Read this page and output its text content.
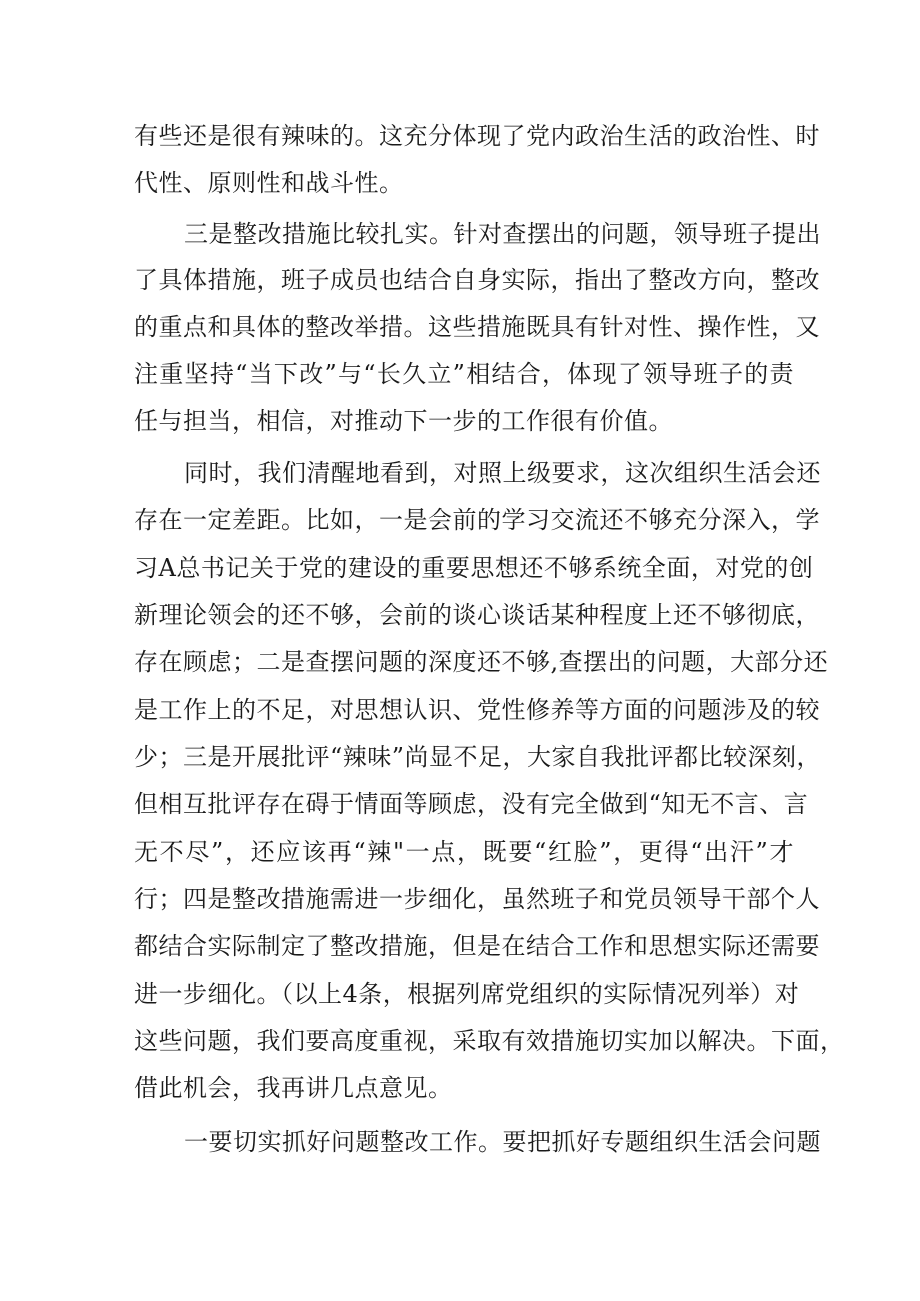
有些还是很有辣味的。这充分体现了党内政治生活的政治性、时

代性、原则性和战斗性。

三是整改措施比较扎实。针对查摆出的问题，领导班子提出

了具体措施，班子成员也结合自身实际，指出了整改方向，整改

的重点和具体的整改举措。这些措施既具有针对性、操作性，又

注重坚持“当下改”与“长久立”相结合，体现了领导班子的责

任与担当，相信，对推动下一步的工作很有价值。

同时，我们清醒地看到，对照上级要求，这次组织生活会还

存在一定差距。比如，一是会前的学习交流还不够充分深入，学

习A总书记关于党的建设的重要思想还不够系统全面，对党的创

新理论领会的还不够，会前的谈心谈话某种程度上还不够彻底，

存在顾虑；二是查摆问题的深度还不够,查摆出的问题，大部分还

是工作上的不足，对思想认识、党性修养等方面的问题涉及的较

少；三是开展批评“辣味”尚显不足，大家自我批评都比较深刻，

但相互批评存在碍于情面等顾虑，没有完全做到“知无不言、言

无不尽”，还应该再“辣"一点，既要“红脸”，更得“出汗”才

行；四是整改措施需进一步细化，虽然班子和党员领导干部个人

都结合实际制定了整改措施，但是在结合工作和思想实际还需要

进一步细化。（以上4条，根据列席党组织的实际情况列举）对

这些问题，我们要高度重视，采取有效措施切实加以解决。下面，

借此机会，我再讲几点意见。

一要切实抓好问题整改工作。要把抓好专题组织生活会问题
